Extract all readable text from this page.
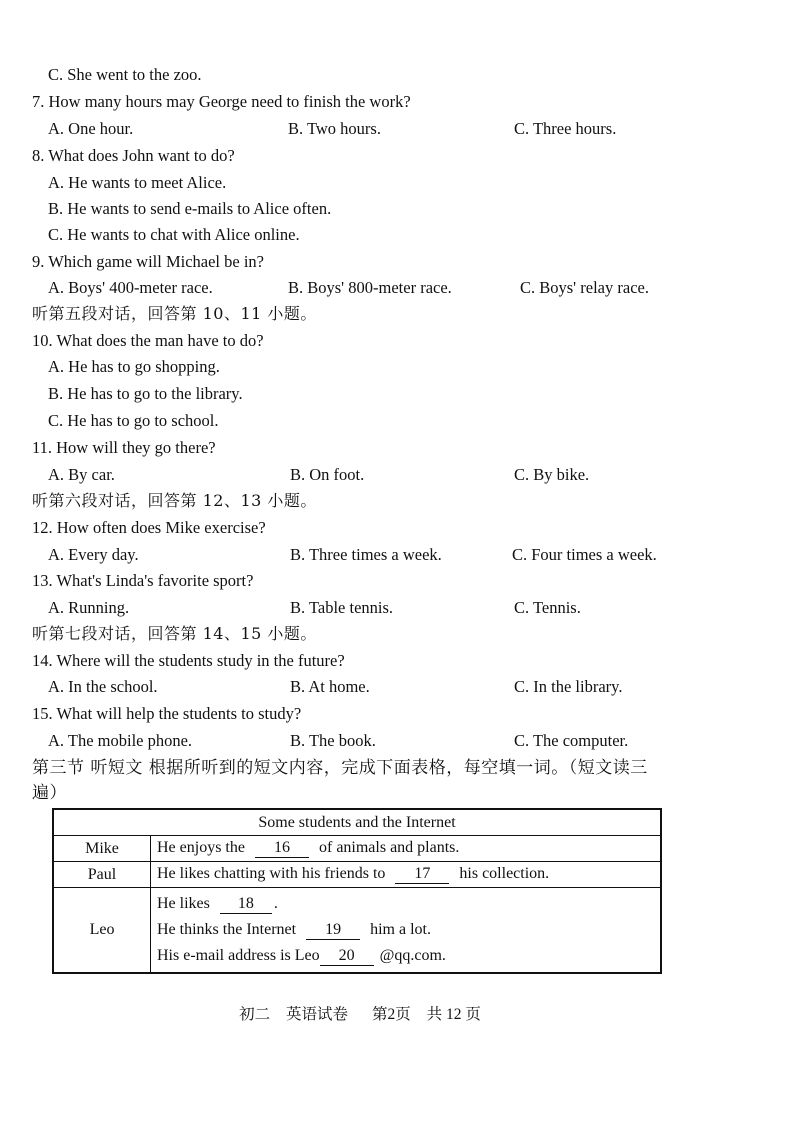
C. She went to the zoo.
7. How many hours may George need to finish the work?
A. One hour.	B. Two hours.	C. Three hours.
8. What does John want to do?
A. He wants to meet Alice.
B. He wants to send e-mails to Alice often.
C. He wants to chat with Alice online.
9. Which game will Michael be in?
A. Boys' 400-meter race.	B. Boys' 800-meter race.	C. Boys' relay race.
听第五段对话，回答第 10、11 小题。
10. What does the man have to do?
A. He has to go shopping.
B. He has to go to the library.
C. He has to go to school.
11. How will they go there?
A. By car.	B. On foot.	C. By bike.
听第六段对话，回答第 12、13 小题。
12. How often does Mike exercise?
A. Every day.	B. Three times a week.	C. Four times a week.
13. What's Linda's favorite sport?
A. Running.	B. Table tennis.	C. Tennis.
听第七段对话，回答第 14、15 小题。
14. Where will the students study in the future?
A. In the school.	B. At home.	C. In the library.
15. What will help the students to study?
A. The mobile phone.	B. The book.	C. The computer.
第三节 听短文 根据所听到的短文内容，完成下面表格，每空填一词。（短文读三
遍）
Some students and the Internet	
Mike	He enjoys the 16 of animals and plants.
Paul	He likes chatting with his friends to 17 his collection.
Leo	He likes 18 .
He thinks the Internet 19 him a lot.
His e-mail address is Leo 20 @qq.com.
初二 英语试卷 第2页 共 12 页
